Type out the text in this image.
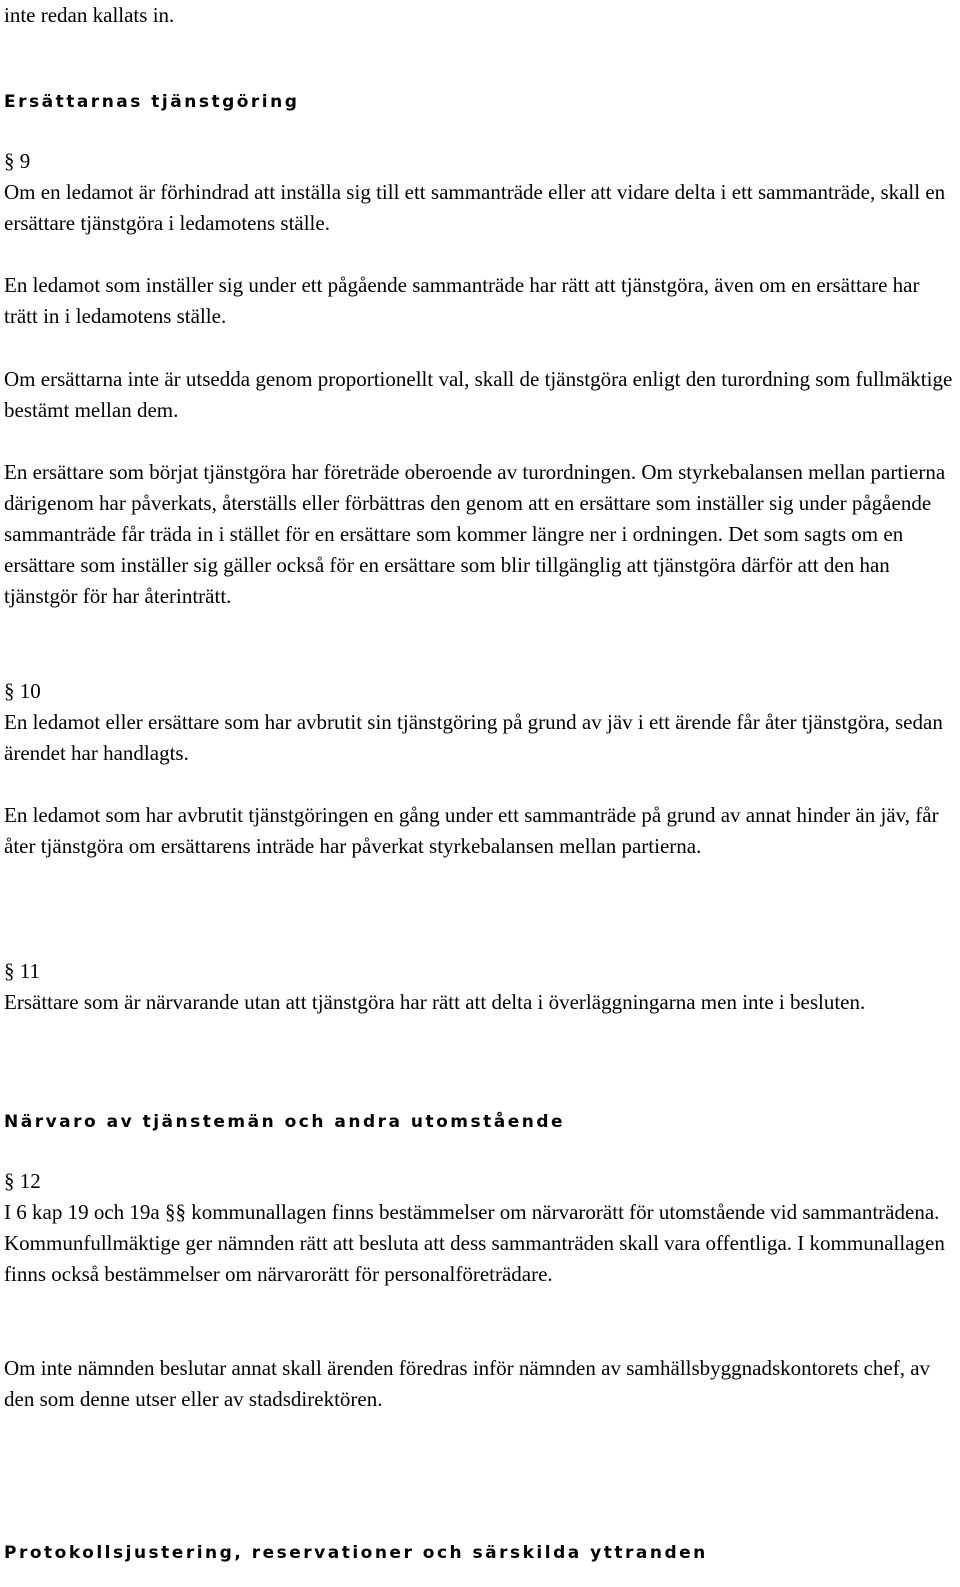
inte redan kallats in.

Ersättarnas tjänstgöring

§ 9

Om en ledamot är förhindrad att inställa sig till ett sammanträde eller att vidare delta i ett sammanträde, skall en ersättare tjänstgöra i ledamotens ställe.

En ledamot som inställer sig under ett pågående sammanträde har rätt att tjänstgöra, även om en ersättare har trätt in i ledamotens ställe.

Om ersättarna inte är utsedda genom proportionellt val, skall de tjänstgöra enligt den turordning som fullmäktige bestämt mellan dem.

En ersättare som börjat tjänstgöra har företräde oberoende av turordningen. Om styrkebalansen mellan partierna därigenom har påverkats, återställs eller förbättras den genom att en ersättare som inställer sig under pågående sammanträde får träda in i stället för en ersättare som kommer längre ner i ordningen. Det som sagts om en ersättare som inställer sig gäller också för en ersättare som blir tillgänglig att tjänstgöra därför att den han tjänstgör för har återinträtt.

§ 10

En ledamot eller ersättare som har avbrutit sin tjänstgöring på grund av jäv i ett ärende får åter tjänstgöra, sedan ärendet har handlagts.

En ledamot som har avbrutit tjänstgöringen en gång under ett sammanträde på grund av annat hinder än jäv, får åter tjänstgöra om ersättarens inträde har påverkat styrkebalansen mellan partierna.

§ 11

Ersättare som är närvarande utan att tjänstgöra har rätt att delta i överläggningarna men inte i besluten.

Närvaro av tjänstemän och andra utomstående

§ 12

I 6 kap 19 och 19a §§ kommunallagen finns bestämmelser om närvarorätt för utomstående vid sammanträdena. Kommunfullmäktige ger nämnden rätt att besluta att dess sammanträden skall vara offentliga. I kommunallagen finns också bestämmelser om närvarorätt för personalföreträdare.

Om inte nämnden beslutar annat skall ärenden föredras inför nämnden av samhällsbyggnadskontorets chef, av den som denne utser eller av stadsdirektören.

Protokollsjustering, reservationer och särskilda yttranden
